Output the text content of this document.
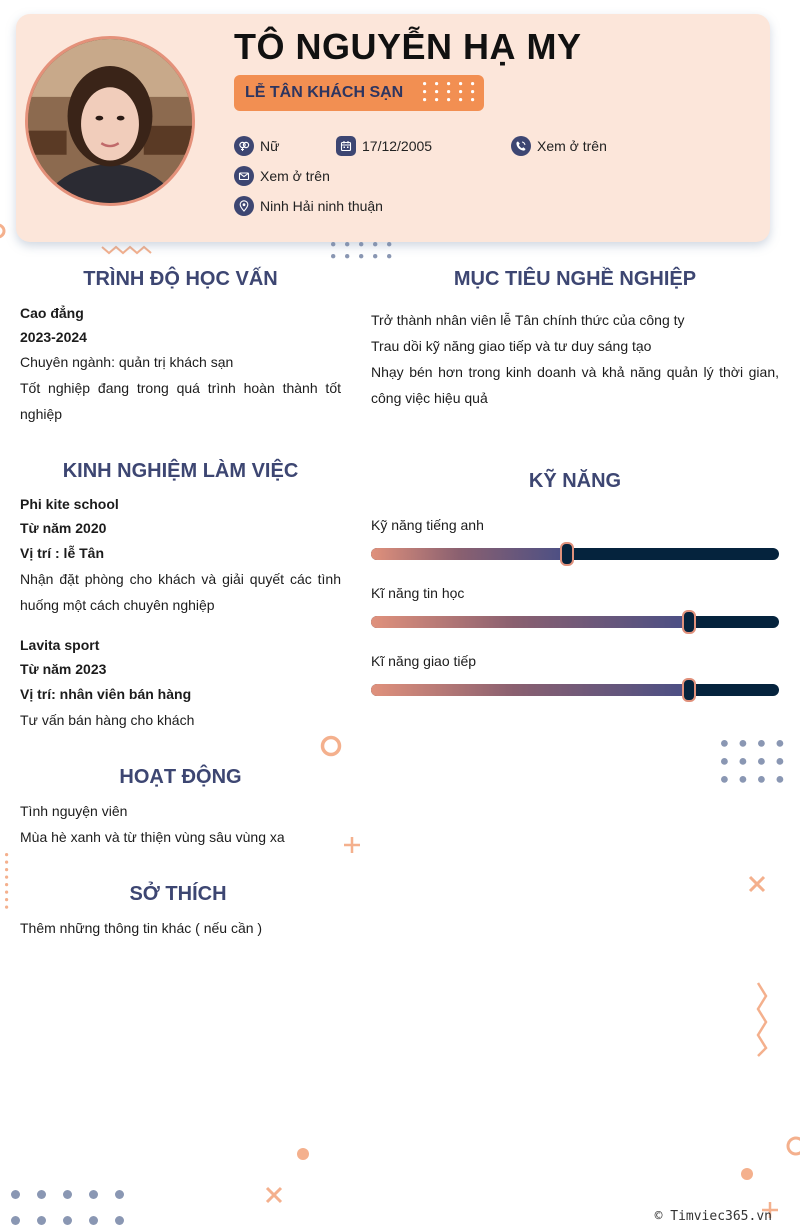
TÔ NGUYỄN HẠ MY
LỄ TÂN KHÁCH SẠN
Nữ	17/12/2005	Xem ở trên
Xem ở trên
Ninh Hải ninh thuận
TRÌNH ĐỘ HỌC VẤN
Cao đẳng
2023-2024
Chuyên ngành: quản trị khách sạn
Tốt nghiệp đang trong quá trình hoàn thành tốt nghiệp
MỤC TIÊU NGHỀ NGHIỆP
Trở thành nhân viên lễ Tân chính thức của công ty
Trau dồi kỹ năng giao tiếp và tư duy sáng tạo
Nhạy bén hơn trong kinh doanh và khả năng quản lý thời gian, công việc hiệu quả
KINH NGHIỆM LÀM VIỆC
Phi kite school
Từ năm 2020
Vị trí : lễ Tân
Nhận đặt phòng cho khách và giải quyết các tình huống một cách chuyên nghiệp
Lavita sport
Từ năm 2023
Vị trí: nhân viên bán hàng
Tư vấn bán hàng cho khách
KỸ NĂNG
Kỹ năng tiếng anh
Kĩ năng tin học
Kĩ năng giao tiếp
HOẠT ĐỘNG
Tình nguyện viên
Mùa hè xanh và từ thiện vùng sâu vùng xa
SỞ THÍCH
Thêm những thông tin khác ( nếu cần )
© Timviec365.vn
